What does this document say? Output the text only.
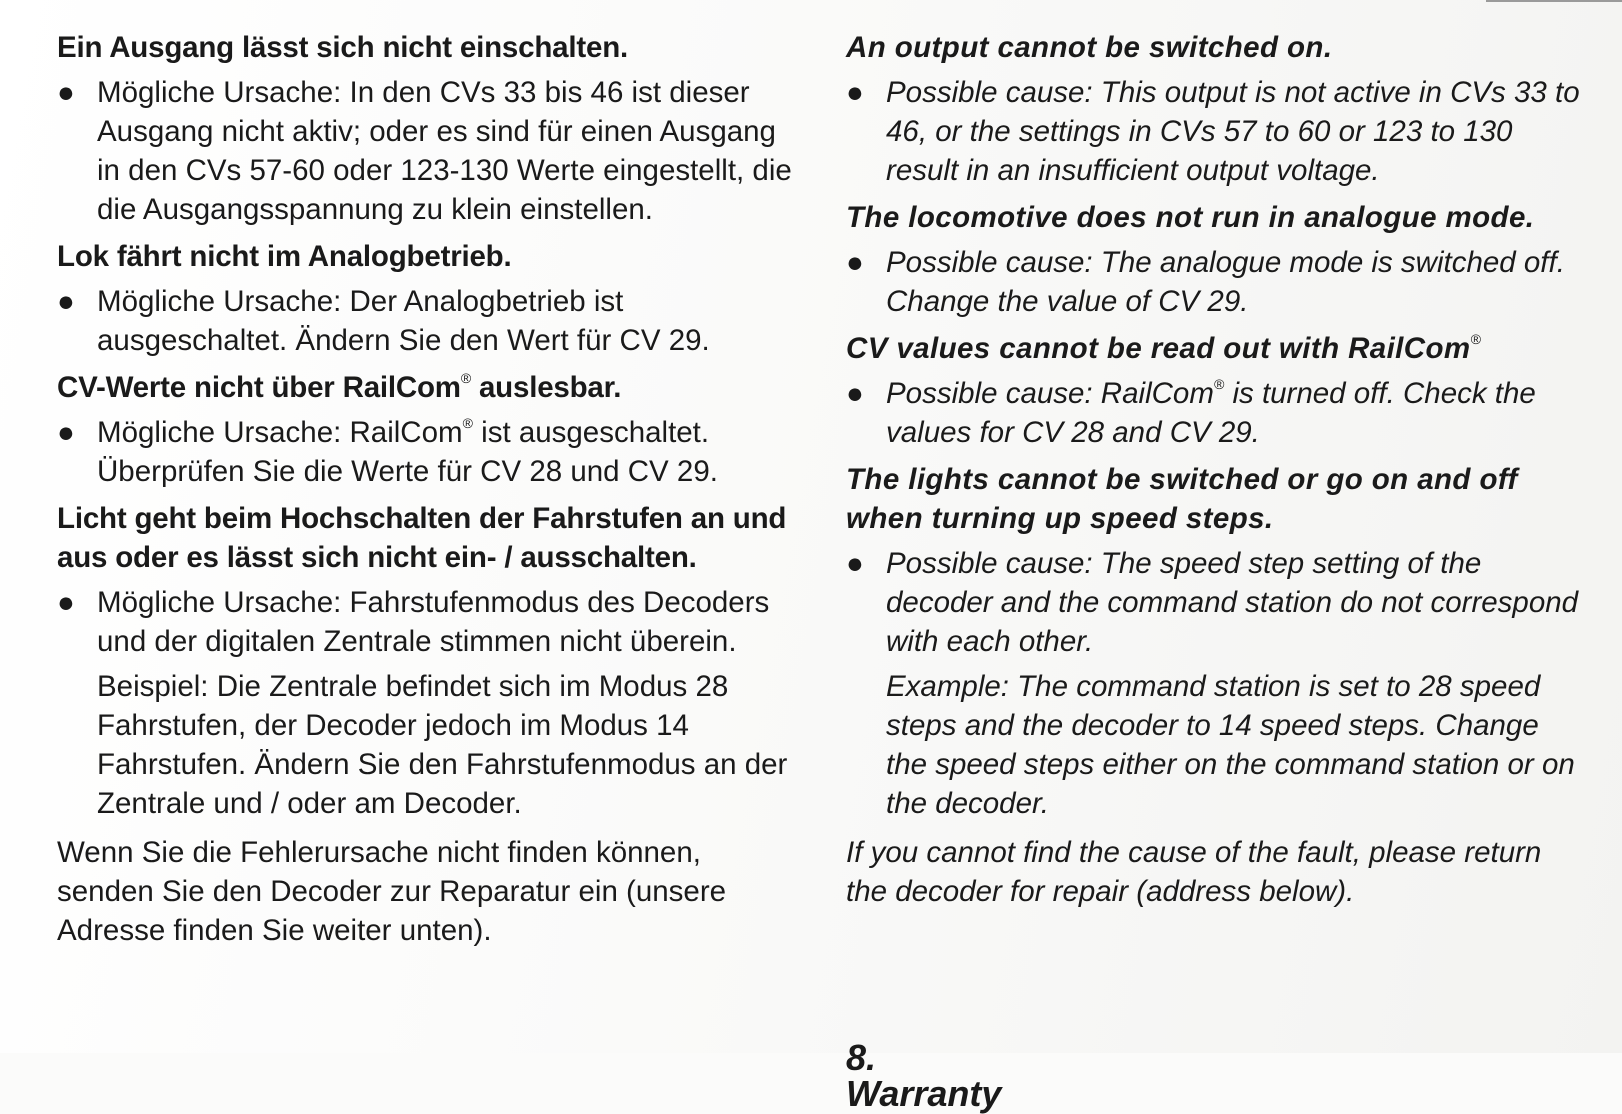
Ein Ausgang lässt sich nicht einschalten.
● Mögliche Ursache: In den CVs 33 bis 46 ist dieser Ausgang nicht aktiv; oder es sind für einen Ausgang in den CVs 57-60 oder 123-130 Werte eingestellt, die die Ausgangsspannung zu klein einstellen.
Lok fährt nicht im Analogbetrieb.
● Mögliche Ursache: Der Analogbetrieb ist ausgeschaltet. Ändern Sie den Wert für CV 29.
CV-Werte nicht über RailCom® auslesbar.
● Mögliche Ursache: RailCom® ist ausgeschaltet. Überprüfen Sie die Werte für CV 28 und CV 29.
Licht geht beim Hochschalten der Fahrstufen an und aus oder es lässt sich nicht ein- / ausschalten.
● Mögliche Ursache: Fahrstufenmodus des Decoders und der digitalen Zentrale stimmen nicht überein.
Beispiel: Die Zentrale befindet sich im Modus 28 Fahrstufen, der Decoder jedoch im Modus 14 Fahrstufen. Ändern Sie den Fahrstufenmodus an der Zentrale und / oder am Decoder.
Wenn Sie die Fehlerursache nicht finden können, senden Sie den Decoder zur Reparatur ein (unsere Adresse finden Sie weiter unten).
An output cannot be switched on.
● Possible cause: This output is not active in CVs 33 to 46, or the settings in CVs 57 to 60 or 123 to 130 result in an insufficient output voltage.
The locomotive does not run in analogue mode.
● Possible cause: The analogue mode is switched off. Change the value of CV 29.
CV values cannot be read out with RailCom®
● Possible cause: RailCom® is turned off. Check the values for CV 28 and CV 29.
The lights cannot be switched or go on and off when turning up speed steps.
● Possible cause: The speed step setting of the decoder and the command station do not correspond with each other.
Example: The command station is set to 28 speed steps and the decoder to 14 speed steps. Change the speed steps either on the command station or on the decoder.
If you cannot find the cause of the fault, please return the decoder for repair (address below).
8. Warranty
